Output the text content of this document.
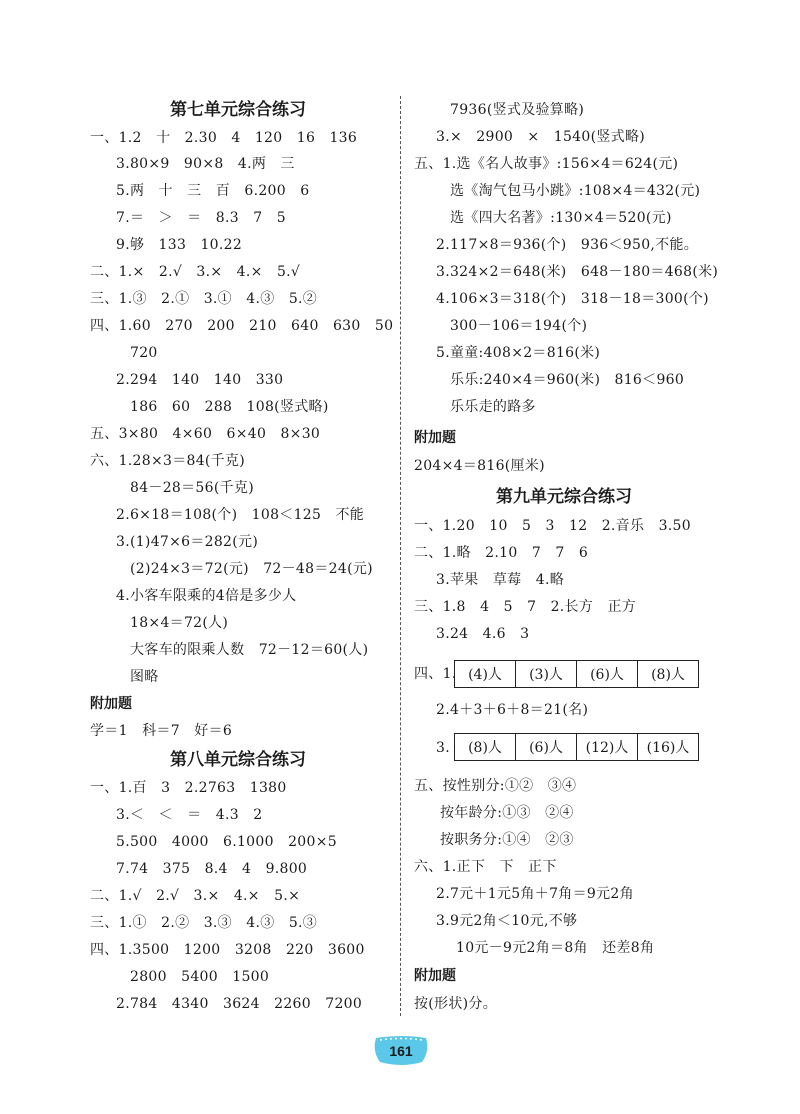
第七单元综合练习
一、1.2　十　2.30　4　120　16　136
3.80×9　90×8　4.两　三
5.两　十　三　百　6.200　6
7.＝　＞　＝　8.3　7　5
9.够　133　10.22
二、1.×　2.√　3.×　4.×　5.√
三、1.③　2.①　3.①　4.③　5.②
四、1.60　270　200　210　640　630　50
720
2.294　140　140　330
186　60　288　108(竖式略)
五、3×80　4×60　6×40　8×30
六、1.28×3＝84(千克)
84－28＝56(千克)
2.6×18＝108(个)　108＜125　不能
3.(1)47×6＝282(元)
(2)24×3＝72(元)　72－48＝24(元)
4.小客车限乘的4倍是多少人
18×4＝72(人)
大客车的限乘人数　72－12＝60(人)
图略
附加题
学＝1　科＝7　好＝6
第八单元综合练习
一、1.百　3　2.2763　1380
3.＜　＜　＝　4.3　2
5.500　4000　6.1000　200×5
7.74　375　8.4　4　9.800
二、1.√　2.√　3.×　4.×　5.×
三、1.①　2.②　3.③　4.③　5.③
四、1.3500　1200　3208　220　3600
2800　5400　1500
2.784　4340　3624　2260　7200
7936(竖式及验算略)
3.×　2900　×　1540(竖式略)
五、1.选《名人故事》:156×4＝624(元)
选《淘气包马小跳》:108×4＝432(元)
选《四大名著》:130×4＝520(元)
2.117×8＝936(个)　936＜950,不能。
3.324×2＝648(米)　648－180＝468(米)
4.106×3＝318(个)　318－18＝300(个)
300－106＝194(个)
5.童童:408×2＝816(米)
乐乐:240×4＝960(米)　816＜960
乐乐走的路多
附加题
204×4＝816(厘米)
第九单元综合练习
一、1.20　10　5　3　12　2.音乐　3.50
二、1.略　2.10　7　7　6
3.苹果　草莓　4.略
三、1.8　4　5　7　2.长方　正方
3.24　4.6　3
四、1. (4)人	(3)人	(6)人	(8)人
2.4＋3＋6＋8＝21(名)
3. (8)人	(6)人	(12)人	(16)人
五、按性别分:①②　③④
按年龄分:①③　②④
按职务分:①④　②③
六、1.正下　下　正下
2.7元＋1元5角＋7角＝9元2角
3.9元2角＜10元,不够
10元－9元2角＝8角　还差8角
附加题
按(形状)分。
161
